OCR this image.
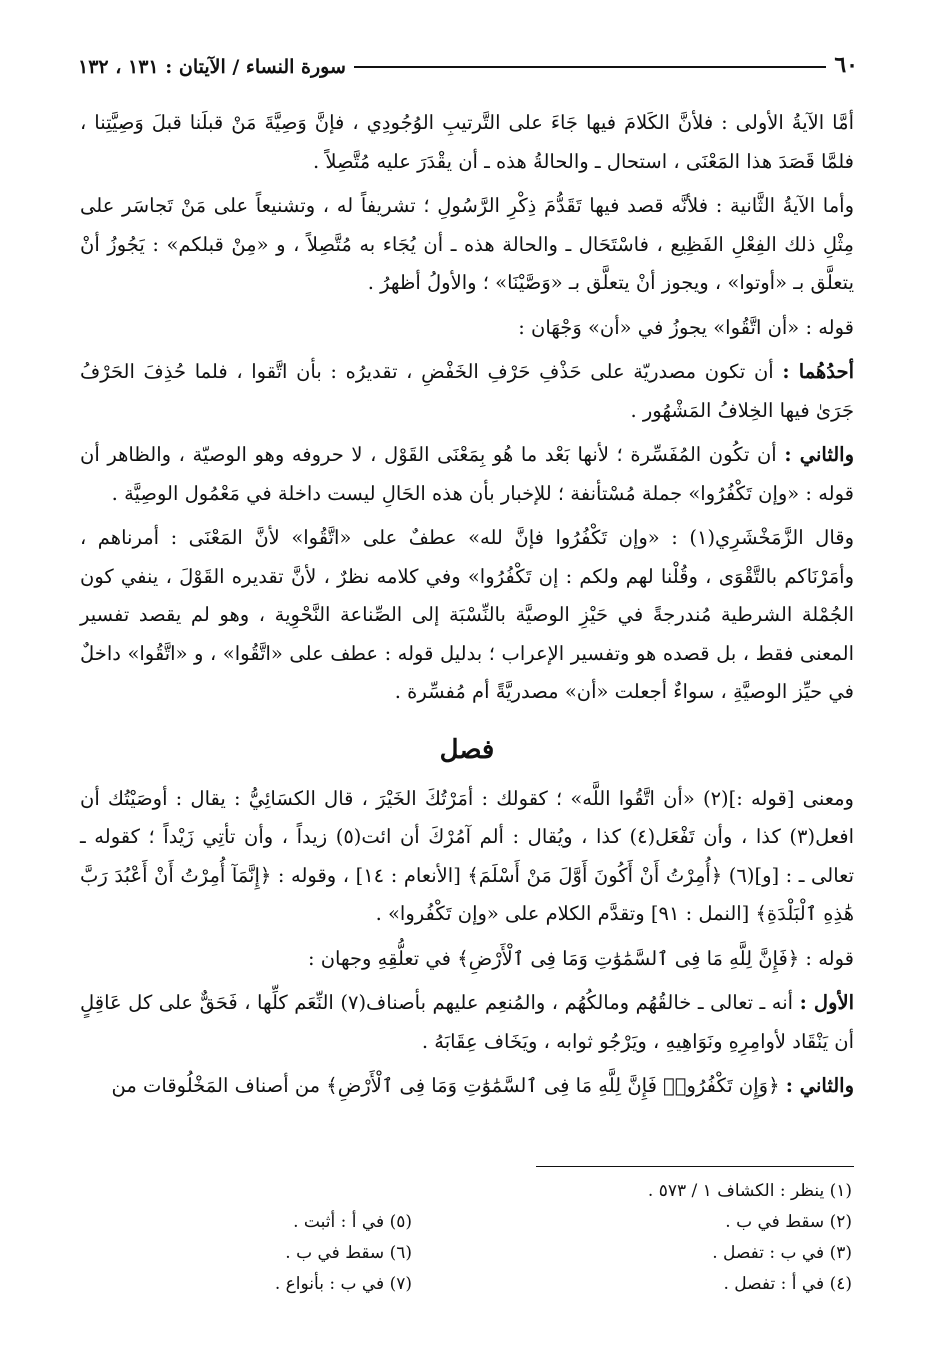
٦٠
سورة النساء / الآيتان : ١٣١ ، ١٣٢

أمَّا الآيةُ الأولى : فلأنَّ الكَلامَ فيها جَاءَ على التَّرتيبِ الوُجُودِي ، فإنَّ وَصِيَّةَ مَنْ قبلَنا قبلَ وَصِيَّتِنا ، فلمَّا قَصَدَ هذا المَعْنَى ، استحال ـ والحالةُ هذه ـ أن يقْدَرَ عليه مُتَّصِلاً .

وأما الآيةُ الثَّانية : فلأنَّه قصد فيها تَقَدُّمَ ذِكْرِ الرَّسُولِ ؛ تشريفاً له ، وتشنيعاً على مَنْ تَجاسَر على مِثْلِ ذلك الفِعْلِ الفَظِيع ، فاسْتَحَال ـ والحالة هذه ـ أن يُجَاء به مُتَّصِلاً ، و «مِنْ قبلكم» : يَجُوزُ أنْ يتعلَّق بـ «أوتوا» ، ويجوز أنْ يتعلَّق بـ «وَصَّيْنَا» ؛ والأولُ أظهرُ .

قوله : «أن اتَّقُوا» يجوزُ في «أن» وَجْهَان :

أحدُهُما : أن تكون مصدريّة على حَذْفِ حَرْفِ الخَفْضِ ، تقديرُه : بأن اتَّقوا ، فلما حُذِفَ الحَرْفُ جَرَىٰ فيها الخِلافُ المَشْهُور .

والثاني : أن تكُون المُفَسِّرة ؛ لأنها بَعْد ما هُو بِمَعْنَى القَوْل ، لا حروفه وهو الوصيّة ، والظاهر أن قوله : «وإن تَكْفُرُوا» جملة مُسْتأنفة ؛ للإخبار بأن هذه الحَالِ ليست داخلة في مَعْمُول الوصِيَّة .

وقال الزَّمَخْشَرِي(١) : «وإن تَكْفُرُوا فإنَّ لله» عطفٌ على «اتَّقُوا» لأنَّ المَعْنَى : أمرناهم ، وأمَرْنَاكم بالتَّقْوَى ، وقُلْنا لهم ولكم : إن تَكْفُرُوا» وفي كلامه نظرٌ ، لأنَّ تقديره القَوْلَ ، ينفي كون الجُمْلة الشرطية مُندرجةً في حَيْزِ الوصيَّة بالنِّسْبَة إلى الصِّناعة النَّحْوِية ، وهو لم يقصد تفسير المعنى فقط ، بل قصده هو وتفسير الإعراب ؛ بدليل قوله : عطف على «اتَّقُوا» ، و «اتَّقُوا» داخلٌ في حيِّز الوصيَّةِ ، سواءٌ أجعلت «أن» مصدريَّةً أم مُفسِّرة .

فصل

ومعنى [قوله :](٢) «أن اتَّقُوا اللَّه» ؛ كقولك : أمَرْتُكَ الخَيْرَ ، قال الكسَائِيُّ : يقال : أوصَيْتُك أن افعل(٣) كذا ، وأن تَفْعَل(٤) كذا ، ويُقال : ألم آمُرْكَ أن ائت(٥) زيداً ، وأن تأتِي زَيْداً ؛ كقوله ـ تعالى ـ : [و](٦) ﴿أُمِرْتُ أَنْ أَكُونَ أَوَّلَ مَنْ أَسْلَمَ﴾ [الأنعام : ١٤] ، وقوله : ﴿إِنَّمَآ أُمِرْتُ أَنْ أَعْبُدَ رَبَّ هَٰذِهِ ٱلْبَلْدَةِ﴾ [النمل : ٩١] وتقدَّم الكلام على «وإن تَكْفُروا» .

قوله : ﴿فَإِنَّ لِلَّهِ مَا فِى ٱلسَّمَٰوَٰتِ وَمَا فِى ٱلْأَرْضِ﴾ في تعلُّقِهِ وجهان :

الأول : أنه ـ تعالى ـ خالقُهُم ومالكُهُم ، والمُنعِم عليهم بأصناف(٧) النِّعَم كلِّها ، فَحَقٌّ على كل عَاقِلٍ أن يَنْقَاد لأوامِرِهِ ونَوَاهِيهِ ، ويَرْجُو ثوابه ، ويَخَاف عِقَابَهُ .

والثاني : ﴿وَإِن تَكْفُرُوا۟ فَإِنَّ لِلَّهِ مَا فِى ٱلسَّمَٰوَٰتِ وَمَا فِى ٱلْأَرْضِ﴾ من أصناف المَخْلُوقات من

(١) ينظر : الكشاف ١ / ٥٧٣ .
(٢) سقط في ب .
(٣) في ب : تفصل .
(٤) في أ : تفصل .
(٥) في أ : أثبت .
(٦) سقط في ب .
(٧) في ب : بأنواع .
